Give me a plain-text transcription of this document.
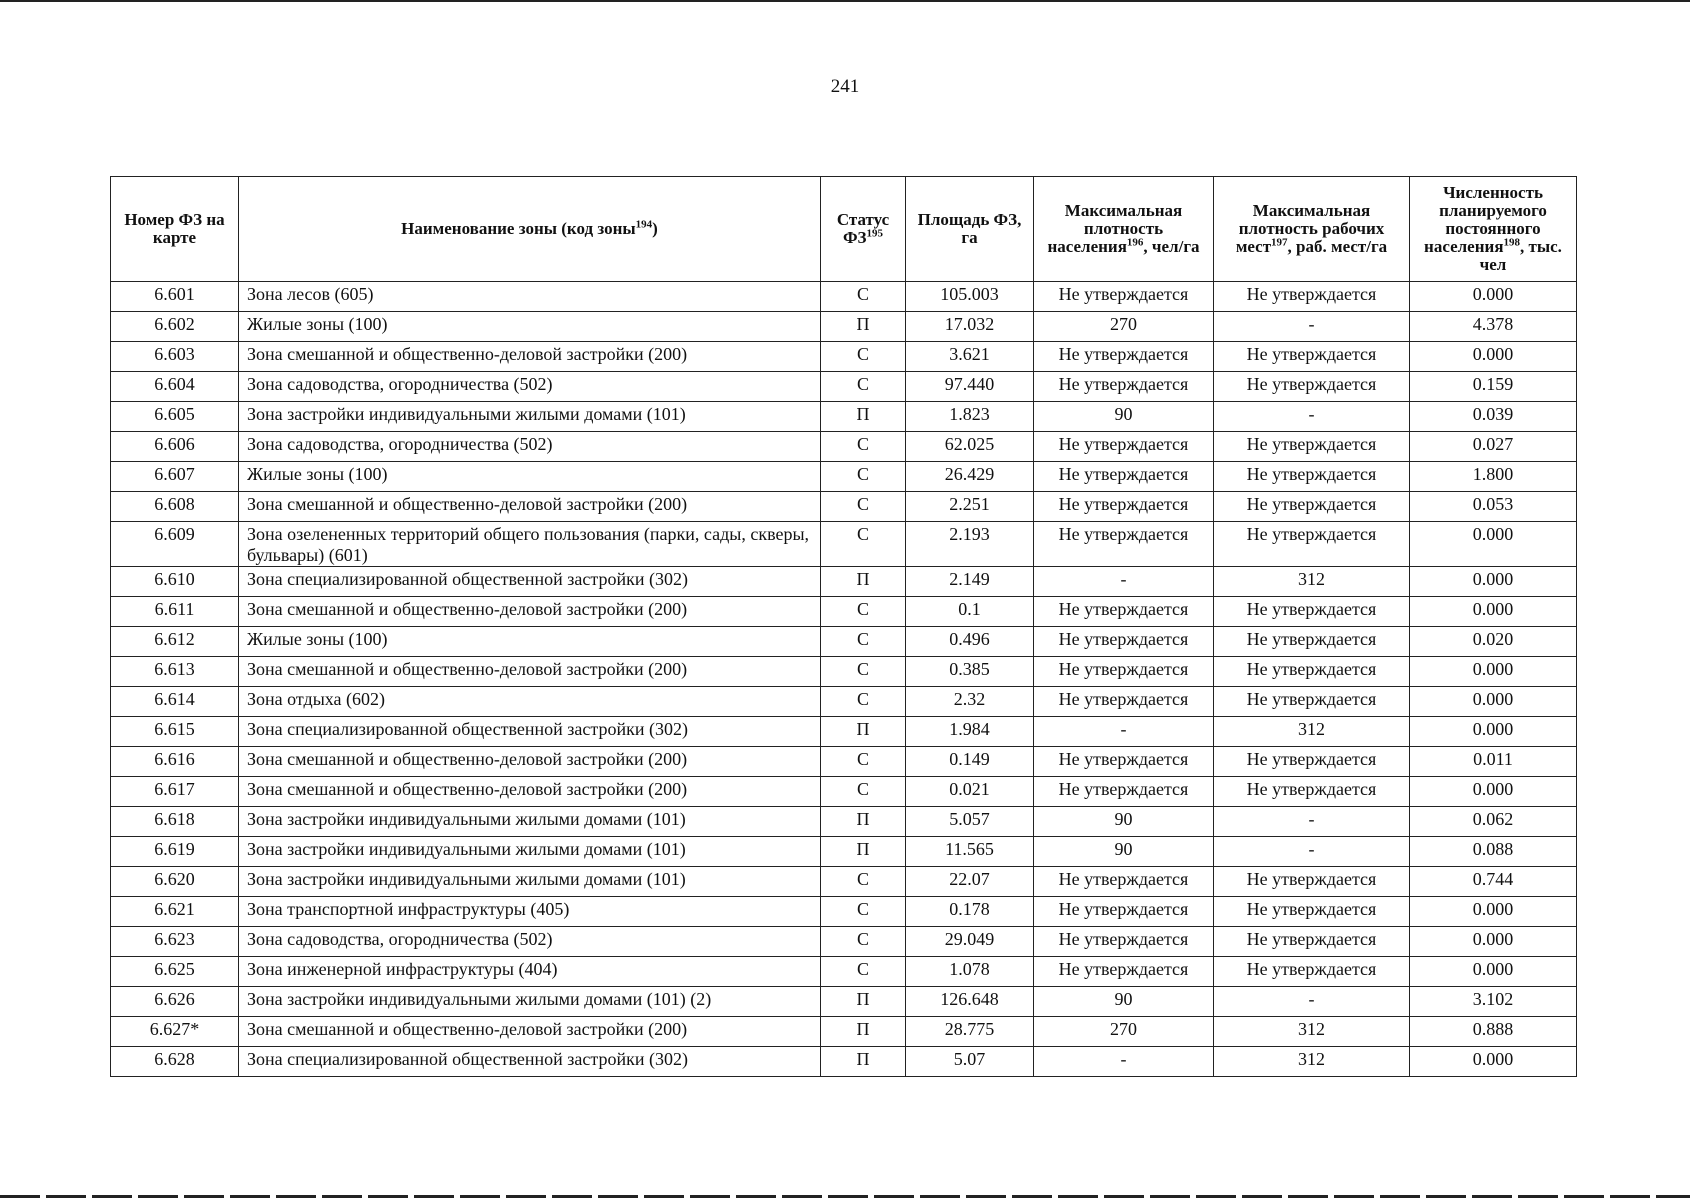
241
Номер ФЗ на карте	Наименование зоны (код зоны$^{194}$)	Статус ФЗ$^{195}$	Площадь ФЗ, га	Максимальная плотность населения$^{196}$, чел/га	Максимальная плотность рабочих мест$^{197}$, раб. мест/га	Численность планируемого постоянного населения$^{198}$, тыс. чел
6.601	Зона лесов (605)	С	105.003	Не утверждается	Не утверждается	0.000
6.602	Жилые зоны (100)	П	17.032	270	-	4.378
6.603	Зона смешанной и общественно-деловой застройки (200)	С	3.621	Не утверждается	Не утверждается	0.000
6.604	Зона садоводства, огородничества (502)	С	97.440	Не утверждается	Не утверждается	0.159
6.605	Зона застройки индивидуальными жилыми домами (101)	П	1.823	90	-	0.039
6.606	Зона садоводства, огородничества (502)	С	62.025	Не утверждается	Не утверждается	0.027
6.607	Жилые зоны (100)	С	26.429	Не утверждается	Не утверждается	1.800
6.608	Зона смешанной и общественно-деловой застройки (200)	С	2.251	Не утверждается	Не утверждается	0.053
6.609	Зона озелененных территорий общего пользования (парки, сады, скверы, бульвары) (601)	С	2.193	Не утверждается	Не утверждается	0.000
6.610	Зона специализированной общественной застройки (302)	П	2.149	-	312	0.000
6.611	Зона смешанной и общественно-деловой застройки (200)	С	0.1	Не утверждается	Не утверждается	0.000
6.612	Жилые зоны (100)	С	0.496	Не утверждается	Не утверждается	0.020
6.613	Зона смешанной и общественно-деловой застройки (200)	С	0.385	Не утверждается	Не утверждается	0.000
6.614	Зона отдыха (602)	С	2.32	Не утверждается	Не утверждается	0.000
6.615	Зона специализированной общественной застройки (302)	П	1.984	-	312	0.000
6.616	Зона смешанной и общественно-деловой застройки (200)	С	0.149	Не утверждается	Не утверждается	0.011
6.617	Зона смешанной и общественно-деловой застройки (200)	С	0.021	Не утверждается	Не утверждается	0.000
6.618	Зона застройки индивидуальными жилыми домами (101)	П	5.057	90	-	0.062
6.619	Зона застройки индивидуальными жилыми домами (101)	П	11.565	90	-	0.088
6.620	Зона застройки индивидуальными жилыми домами (101)	С	22.07	Не утверждается	Не утверждается	0.744
6.621	Зона транспортной инфраструктуры (405)	С	0.178	Не утверждается	Не утверждается	0.000
6.623	Зона садоводства, огородничества (502)	С	29.049	Не утверждается	Не утверждается	0.000
6.625	Зона инженерной инфраструктуры (404)	С	1.078	Не утверждается	Не утверждается	0.000
6.626	Зона застройки индивидуальными жилыми домами (101) (2)	П	126.648	90	-	3.102
6.627*	Зона смешанной и общественно-деловой застройки (200)	П	28.775	270	312	0.888
6.628	Зона специализированной общественной застройки (302)	П	5.07	-	312	0.000
